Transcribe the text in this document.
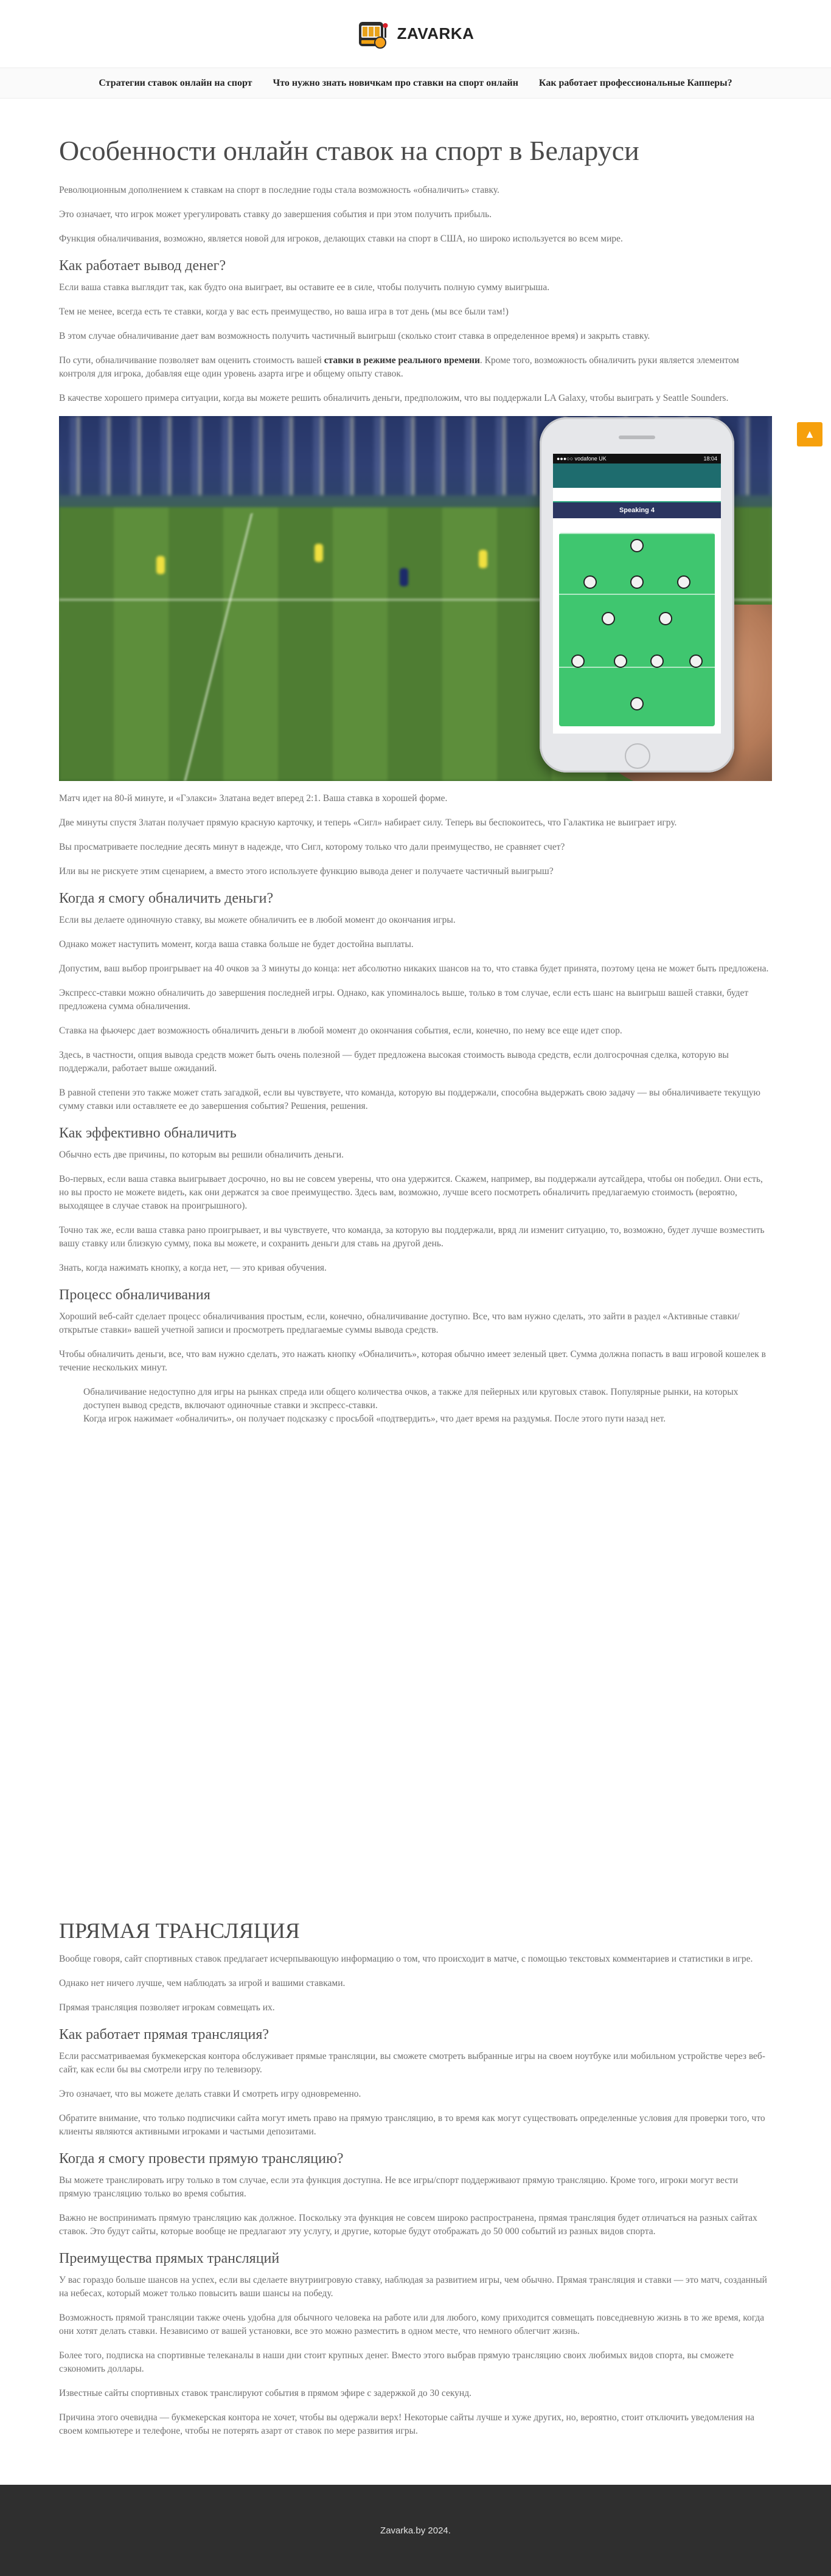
ZAVARKA
Стратегии ставок онлайн на спорт Что нужно знать новичкам про ставки на спорт онлайн Как работает профессиональные Капперы?
Особенности онлайн ставок на спорт в Беларуси

Революционным дополнением к ставкам на спорт в последние годы стала возможность «обналичить» ставку.

Это означает, что игрок может урегулировать ставку до завершения события и при этом получить прибыль.

Функция обналичивания, возможно, является новой для игроков, делающих ставки на спорт в США, но широко используется во всем мире.

Как работает вывод денег?

Если ваша ставка выглядит так, как будто она выиграет, вы оставите ее в силе, чтобы получить полную сумму выигрыша.

Тем не менее, всегда есть те ставки, когда у вас есть преимущество, но ваша игра в тот день (мы все были там!)

В этом случае обналичивание дает вам возможность получить частичный выигрыш (сколько стоит ставка в определенное время) и закрыть ставку.

По сути, обналичивание позволяет вам оценить стоимость вашей ставки в режиме реального времени. Кроме того, возможность обналичить руки является элементом контроля для игрока, добавляя еще один уровень азарта игре и общему опыту ставок.

В качестве хорошего примера ситуации, когда вы можете решить обналичить деньги, предположим, что вы поддержали LA Galaxy, чтобы выиграть у Seattle Sounders.

●●●○○ vodafone UK	18:04
Speaking 4

Матч идет на 80-й минуте, и «Гэлакси» Златана ведет вперед 2:1. Ваша ставка в хорошей форме.

Две минуты спустя Златан получает прямую красную карточку, и теперь «Сигл» набирает силу. Теперь вы беспокоитесь, что Галактика не выиграет игру.

Вы просматриваете последние десять минут в надежде, что Сигл, которому только что дали преимущество, не сравняет счет?

Или вы не рискуете этим сценарием, а вместо этого используете функцию вывода денег и получаете частичный выигрыш?

Когда я смогу обналичить деньги?

Если вы делаете одиночную ставку, вы можете обналичить ее в любой момент до окончания игры.

Однако может наступить момент, когда ваша ставка больше не будет достойна выплаты.

Допустим, ваш выбор проигрывает на 40 очков за 3 минуты до конца: нет абсолютно никаких шансов на то, что ставка будет принята, поэтому цена не может быть предложена.

Экспресс-ставки можно обналичить до завершения последней игры. Однако, как упоминалось выше, только в том случае, если есть шанс на выигрыш вашей ставки, будет предложена сумма обналичения.

Ставка на фьючерс дает возможность обналичить деньги в любой момент до окончания события, если, конечно, по нему все еще идет спор.

Здесь, в частности, опция вывода средств может быть очень полезной — будет предложена высокая стоимость вывода средств, если долгосрочная сделка, которую вы поддержали, работает выше ожиданий.

В равной степени это также может стать загадкой, если вы чувствуете, что команда, которую вы поддержали, способна выдержать свою задачу — вы обналичиваете текущую сумму ставки или оставляете ее до завершения события? Решения, решения.

Как эффективно обналичить

Обычно есть две причины, по которым вы решили обналичить деньги.

Во-первых, если ваша ставка выигрывает досрочно, но вы не совсем уверены, что она удержится. Скажем, например, вы поддержали аутсайдера, чтобы он победил. Они есть, но вы просто не можете видеть, как они держатся за свое преимущество. Здесь вам, возможно, лучше всего посмотреть обналичить предлагаемую стоимость (вероятно, выходящее в случае ставок на проигрышного).

Точно так же, если ваша ставка рано проигрывает, и вы чувствуете, что команда, за которую вы поддержали, вряд ли изменит ситуацию, то, возможно, будет лучше возместить вашу ставку или близкую сумму, пока вы можете, и сохранить деньги для ставь на другой день.

Знать, когда нажимать кнопку, а когда нет, — это кривая обучения.

Процесс обналичивания

Хороший веб-сайт сделает процесс обналичивания простым, если, конечно, обналичивание доступно. Все, что вам нужно сделать, это зайти в раздел «Активные ставки/открытые ставки» вашей учетной записи и просмотреть предлагаемые суммы вывода средств.

Чтобы обналичить деньги, все, что вам нужно сделать, это нажать кнопку «Обналичить», которая обычно имеет зеленый цвет. Сумма должна попасть в ваш игровой кошелек в течение нескольких минут.

Обналичивание недоступно для игры на рынках спреда или общего количества очков, а также для пейерных или круговых ставок. Популярные рынки, на которых доступен вывод средств, включают одиночные ставки и экспресс-ставки.

Когда игрок нажимает «обналичить», он получает подсказку с просьбой «подтвердить», что дает время на раздумья. После этого пути назад нет.

ПРЯМАЯ ТРАНСЛЯЦИЯ

Вообще говоря, сайт спортивных ставок предлагает исчерпывающую информацию о том, что происходит в матче, с помощью текстовых комментариев и статистики в игре.

Однако нет ничего лучше, чем наблюдать за игрой и вашими ставками.

Прямая трансляция позволяет игрокам совмещать их.

Как работает прямая трансляция?

Если рассматриваемая букмекерская контора обслуживает прямые трансляции, вы сможете смотреть выбранные игры на своем ноутбуке или мобильном устройстве через веб-сайт, как если бы вы смотрели игру по телевизору.

Это означает, что вы можете делать ставки И смотреть игру одновременно.

Обратите внимание, что только подписчики сайта могут иметь право на прямую трансляцию, в то время как могут существовать определенные условия для проверки того, что клиенты являются активными игроками и частыми депозитами.

Когда я смогу провести прямую трансляцию?

Вы можете транслировать игру только в том случае, если эта функция доступна. Не все игры/спорт поддерживают прямую трансляцию. Кроме того, игроки могут вести прямую трансляцию только во время события.

Важно не воспринимать прямую трансляцию как должное. Поскольку эта функция не совсем широко распространена, прямая трансляция будет отличаться на разных сайтах ставок. Это будут сайты, которые вообще не предлагают эту услугу, и другие, которые будут отображать до 50 000 событий из разных видов спорта.

Преимущества прямых трансляций

У вас гораздо больше шансов на успех, если вы сделаете внутриигровую ставку, наблюдая за развитием игры, чем обычно. Прямая трансляция и ставки — это матч, созданный на небесах, который может только повысить ваши шансы на победу.

Возможность прямой трансляции также очень удобна для обычного человека на работе или для любого, кому приходится совмещать повседневную жизнь в то же время, когда они хотят делать ставки. Независимо от вашей установки, все это можно разместить в одном месте, что немного облегчит жизнь.

Более того, подписка на спортивные телеканалы в наши дни стоит крупных денег. Вместо этого выбрав прямую трансляцию своих любимых видов спорта, вы сможете сэкономить доллары.

Известные сайты спортивных ставок транслируют события в прямом эфире с задержкой до 30 секунд.

Причина этого очевидна — букмекерская контора не хочет, чтобы вы одержали верх! Некоторые сайты лучше и хуже других, но, вероятно, стоит отключить уведомления на своем компьютере и телефоне, чтобы не потерять азарт от ставок по мере развития игры.

▲
Zavarka.by 2024.
